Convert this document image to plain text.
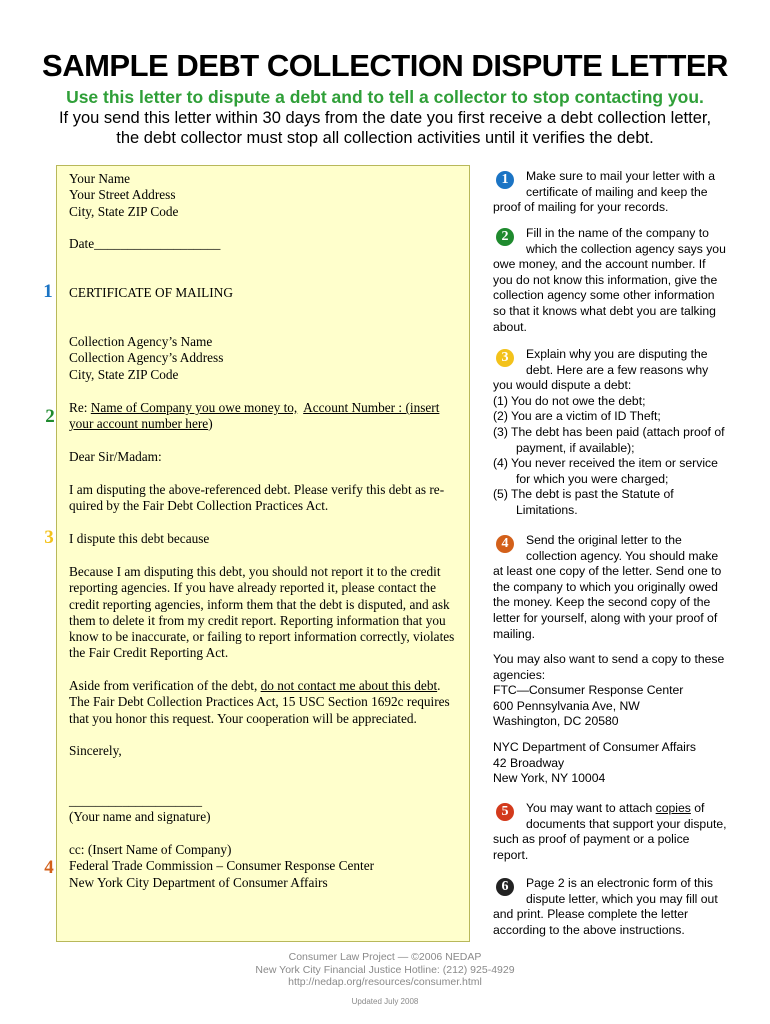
SAMPLE DEBT COLLECTION DISPUTE LETTER
Use this letter to dispute a debt and to tell a collector to stop contacting you.
If you send this letter within 30 days from the date you first receive a debt collection letter, the debt collector must stop all collection activities until it verifies the debt.
Your Name
Your Street Address
City, State ZIP Code
Date___________________
1	CERTIFICATE OF MAILING
Collection Agency’s Name
Collection Agency’s Address
City, State ZIP Code
2	Re: Name of Company you owe money to, Account Number : (insert
your account number here)
Dear Sir/Madam:
I am disputing the above-referenced debt. Please verify this debt as re-
quired by the Fair Debt Collection Practices Act.
3	I dispute this debt because
Because I am disputing this debt, you should not report it to the credit
reporting agencies. If you have already reported it, please contact the
credit reporting agencies, inform them that the debt is disputed, and ask
them to delete it from my credit report. Reporting information that you
know to be inaccurate, or failing to report information correctly, violates
the Fair Credit Reporting Act.
Aside from verification of the debt, do not contact me about this debt.
The Fair Debt Collection Practices Act, 15 USC Section 1692c requires
that you honor this request. Your cooperation will be appreciated.
Sincerely,
____________________
(Your name and signature)
4
cc: (Insert Name of Company)
Federal Trade Commission – Consumer Response Center
New York City Department of Consumer Affairs
1	Make sure to mail your letter with a certificate of mailing and keep the proof of mailing for your records.

2	Fill in the name of the company to which the collection agency says you owe money, and the account number. If you do not know this information, give the collection agency some other information so that it knows what debt you are talking about.

3	Explain why you are disputing the debt. Here are a few reasons why you would dispute a debt:

(1) You do not owe the debt;
(2) You are a victim of ID Theft;
(3) The debt has been paid (attach proof of payment, if available);
(4) You never received the item or service for which you were charged;
(5) The debt is past the Statute of Limitations.
4	Send the original letter to the collection agency. You should make at least one copy of the letter. Send one to the company to which you originally owed the money. Keep the second copy of the letter for yourself, along with your proof of mailing.

You may also want to send a copy to these agencies:

FTC—Consumer Response Center

600 Pennsylvania Ave, NW

Washington, DC 20580

NYC Department of Consumer Affairs

42 Broadway

New York, NY 10004

5	You may want to attach copies of documents that support your dispute, such as proof of payment or a police report.

6	Page 2 is an electronic form of this dispute letter, which you may fill out and print. Please complete the letter according to the above instructions.

Consumer Law Project — ©2006 NEDAP
New York City Financial Justice Hotline: (212) 925-4929
http://nedap.org/resources/consumer.html
Updated July 2008
